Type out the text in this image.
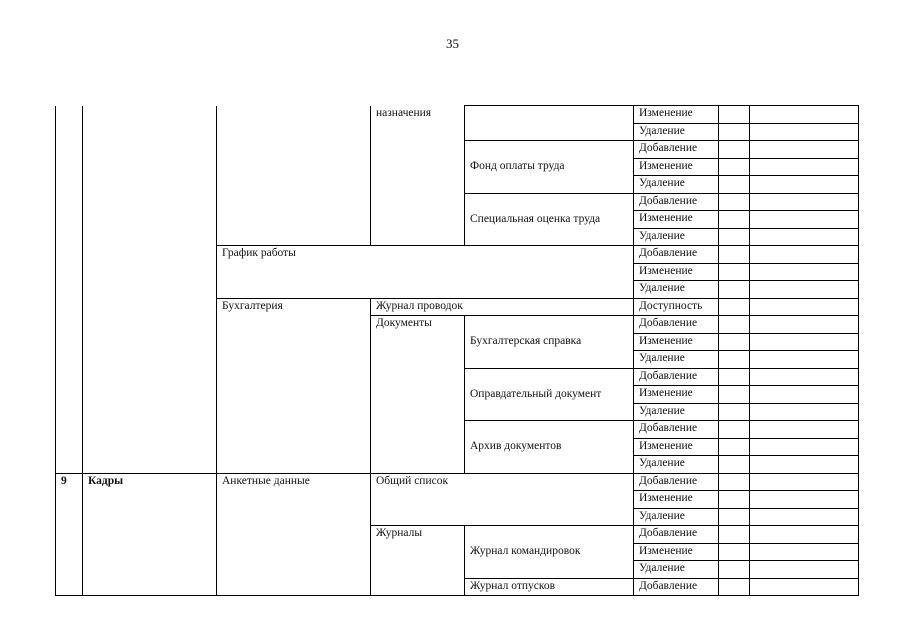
35
			назначения		Изменение		
					Удаление		
				Фонд оплаты труда	Добавление		
					Изменение		
					Удаление		
				Специальная оценка труда	Добавление		
					Изменение		
					Удаление		
		График работы			Добавление		
					Изменение		
					Удаление		
		Бухгалтерия	Журнал проводок		Доступность		
			Документы	Бухгалтерская справка	Добавление		
					Изменение		
					Удаление		
				Оправдательный документ	Добавление		
					Изменение		
					Удаление		
				Архив документов	Добавление		
					Изменение		
					Удаление		
9	Кадры	Анкетные данные	Общий список		Добавление		
					Изменение		
					Удаление		
			Журналы	Журнал командировок	Добавление		
					Изменение		
					Удаление		
				Журнал отпусков	Добавление		
